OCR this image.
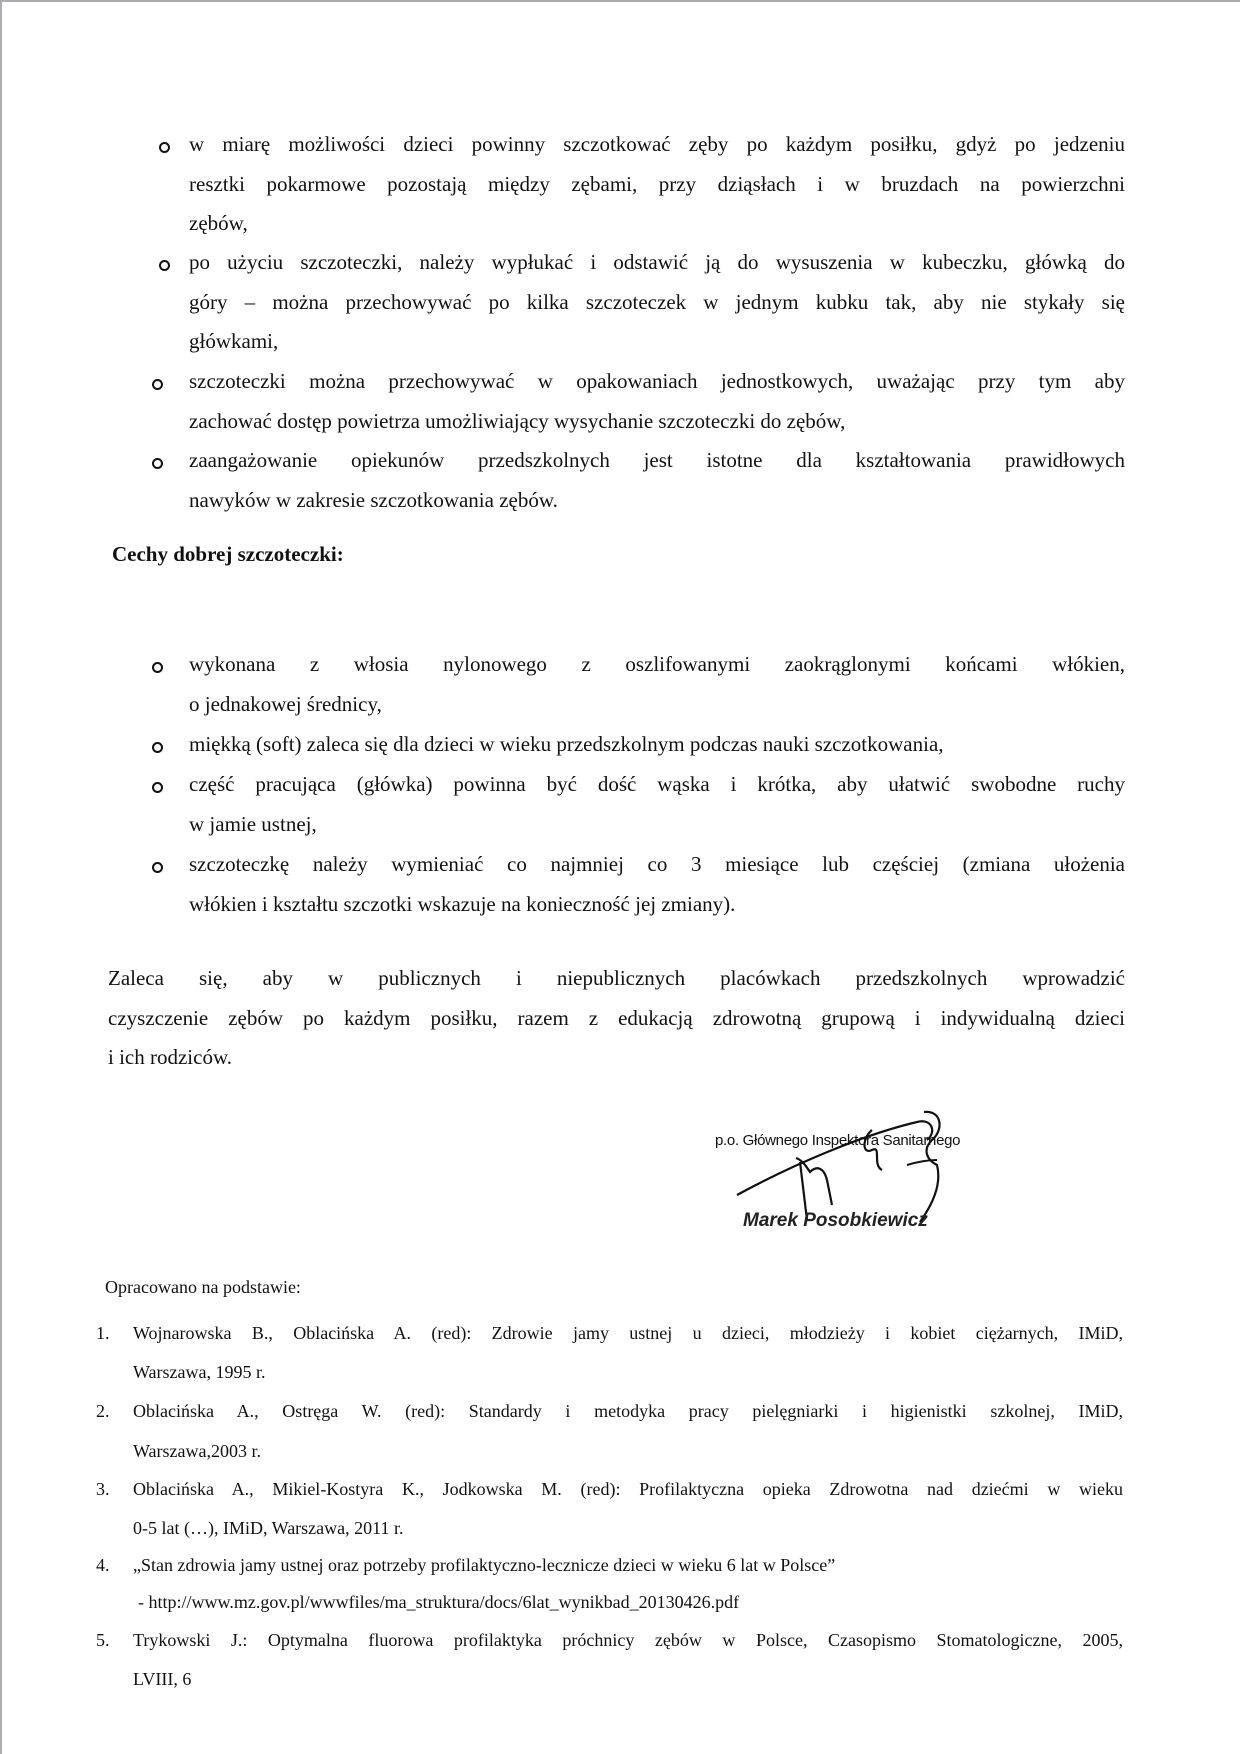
w miarę możliwości dzieci powinny szczotkować zęby po każdym posiłku, gdyż po jedzeniu
resztki pokarmowe pozostają między zębami, przy dziąsłach i w bruzdach na powierzchni
zębów,
po użyciu szczoteczki, należy wypłukać i odstawić ją do wysuszenia w kubeczku, główką do
góry – można przechowywać po kilka szczoteczek w jednym kubku tak, aby nie stykały się
główkami,
szczoteczki można przechowywać w opakowaniach jednostkowych, uważając przy tym aby
zachować dostęp powietrza umożliwiający wysychanie szczoteczki do zębów,
zaangażowanie opiekunów przedszkolnych jest istotne dla kształtowania prawidłowych
nawyków w zakresie szczotkowania zębów.
Cechy dobrej szczoteczki:
wykonana z włosia nylonowego z oszlifowanymi zaokrąglonymi końcami włókien,
o jednakowej średnicy,
miękką (soft) zaleca się dla dzieci w wieku przedszkolnym podczas nauki szczotkowania,
część pracująca (główka) powinna być dość wąska i krótka, aby ułatwić swobodne ruchy
w jamie ustnej,
szczoteczkę należy wymieniać co najmniej co 3 miesiące lub częściej (zmiana ułożenia
włókien i kształtu szczotki wskazuje na konieczność jej zmiany).
Zaleca się, aby w publicznych i niepublicznych placówkach przedszkolnych wprowadzić
czyszczenie zębów po każdym posiłku, razem z edukacją zdrowotną grupową i indywidualną dzieci
i ich rodziców.
p.o. Głównego Inspektora Sanitarnego
Marek Posobkiewicz
Opracowano na podstawie:
1. Wojnarowska B., Oblacińska A. (red): Zdrowie jamy ustnej u dzieci, młodzieży i kobiet ciężarnych, IMiD,
Warszawa, 1995 r.
2. Oblacińska A., Ostręga W. (red): Standardy i metodyka pracy pielęgniarki i higienistki szkolnej, IMiD,
Warszawa,2003 r.
3. Oblacińska A., Mikiel-Kostyra K., Jodkowska M. (red): Profilaktyczna opieka Zdrowotna nad dziećmi w wieku
0-5 lat (…), IMiD, Warszawa, 2011 r.
4. „Stan zdrowia jamy ustnej oraz potrzeby profilaktyczno-lecznicze dzieci w wieku 6 lat w Polsce”
- http://www.mz.gov.pl/wwwfiles/ma_struktura/docs/6lat_wynikbad_20130426.pdf
5. Trykowski J.: Optymalna fluorowa profilaktyka próchnicy zębów w Polsce, Czasopismo Stomatologiczne, 2005,
LVIII, 6
